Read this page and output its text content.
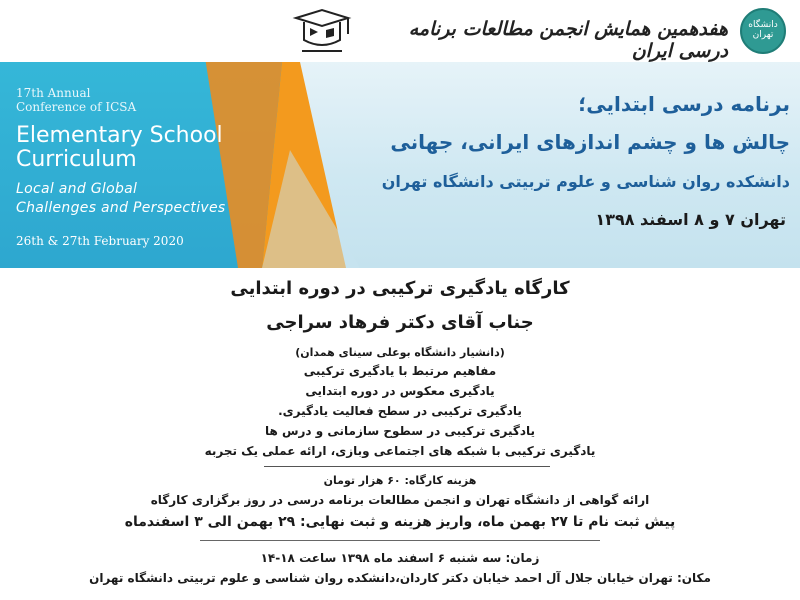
دانشگاه تهران
هفدهمین همایش انجمن مطالعات برنامه درسی ایران
17th Annual
Conference of ICSA
Elementary School
Curriculum
Local and Global
Challenges and Perspectives
26th & 27th February 2020
برنامه درسی ابتدایی؛
چالش ها و چشم اندازهای ایرانی، جهانی
دانشکده روان شناسی و علوم تربیتی دانشگاه تهران
تهران ۷ و ۸ اسفند ۱۳۹۸
کارگاه یادگیری ترکیبی در دوره ابتدایی
جناب آقای دکتر فرهاد سراجی
(دانشیار دانشگاه بوعلی سینای همدان)
مفاهیم مرتبط با یادگیری ترکیبی
یادگیری معکوس در دوره ابتدایی
یادگیری ترکیبی در سطح فعالیت یادگیری.
یادگیری ترکیبی در سطوح سازمانی و درس ها
یادگیری ترکیبی با شبکه های اجتماعی وبازی، ارائه عملی یک تجربه
هزینه کارگاه: ۶۰ هزار تومان
ارائه گواهی از دانشگاه تهران و انجمن مطالعات برنامه درسی در روز برگزاری کارگاه
پیش ثبت نام تا ۲۷ بهمن ماه، واریز هزینه و ثبت نهایی: ۲۹ بهمن الی ۳ اسفندماه
زمان: سه شنبه ۶ اسفند ماه ۱۳۹۸ ساعت ۱۸-۱۴
مکان: تهران خیابان جلال آل احمد خیابان دکتر کاردان،دانشکده روان شناسی و علوم تربیتی دانشگاه تهران
